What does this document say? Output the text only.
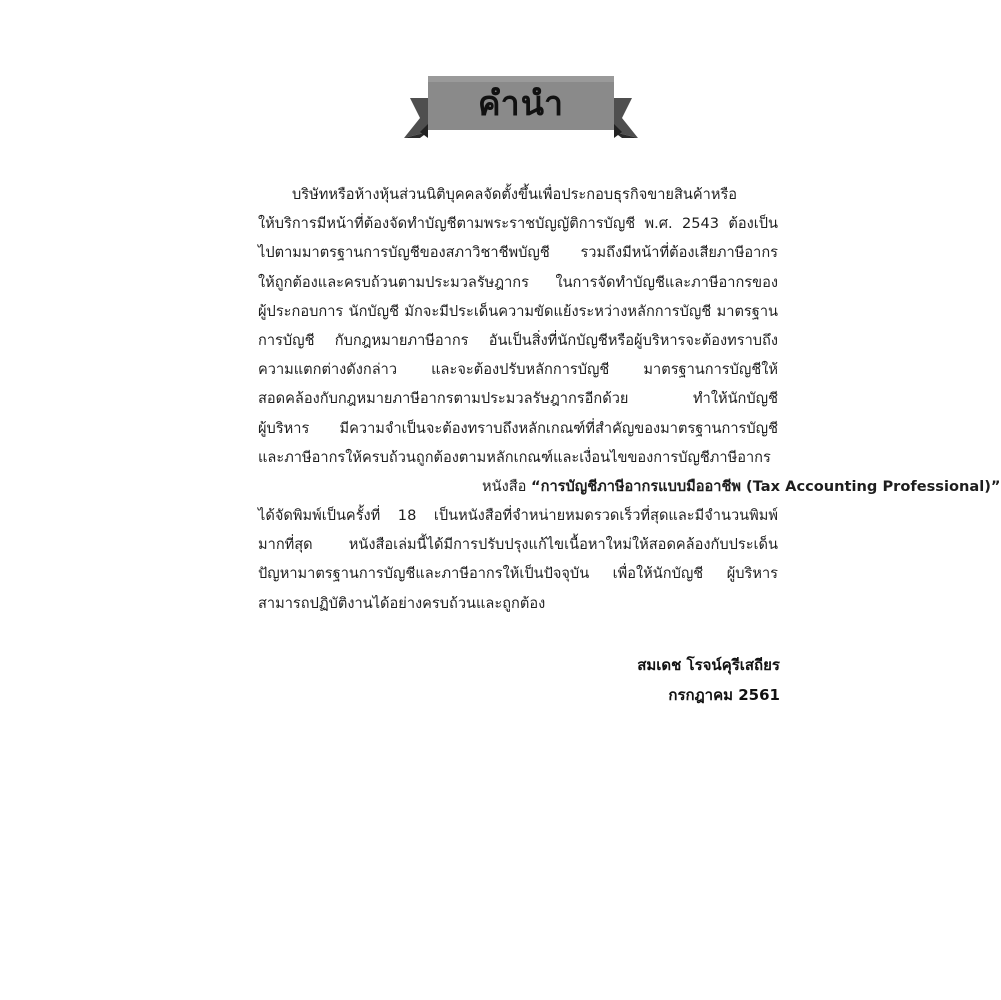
คำนำ
บริษัทหรือห้างหุ้นส่วนนิติบุคคลจัดตั้งขึ้นเพื่อประกอบธุรกิจขายสินค้าหรือ
ให้บริการมีหน้าที่ต้องจัดทำบัญชีตามพระราชบัญญัติการบัญชี พ.ศ. 2543 ต้องเป็น
ไปตามมาตรฐานการบัญชีของสภาวิชาชีพบัญชี รวมถึงมีหน้าที่ต้องเสียภาษีอากร
ให้ถูกต้องและครบถ้วนตามประมวลรัษฎากร ในการจัดทำบัญชีและภาษีอากรของ
ผู้ประกอบการ นักบัญชี มักจะมีประเด็นความขัดแย้งระหว่างหลักการบัญชี มาตรฐาน
การบัญชี กับกฎหมายภาษีอากร อันเป็นสิ่งที่นักบัญชีหรือผู้บริหารจะต้องทราบถึง
ความแตกต่างดังกล่าว และจะต้องปรับหลักการบัญชี มาตรฐานการบัญชีให้
สอดคล้องกับกฎหมายภาษีอากรตามประมวลรัษฎากรอีกด้วย ทำให้นักบัญชี
ผู้บริหาร มีความจำเป็นจะต้องทราบถึงหลักเกณฑ์ที่สำคัญของมาตรฐานการบัญชี
และภาษีอากรให้ครบถ้วนถูกต้องตามหลักเกณฑ์และเงื่อนไขของการบัญชีภาษีอากร
หนังสือ “การบัญชีภาษีอากรแบบมืออาชีพ (Tax Accounting Professional)”
ได้จัดพิมพ์เป็นครั้งที่ 18 เป็นหนังสือที่จำหน่ายหมดรวดเร็วที่สุดและมีจำนวนพิมพ์
มากที่สุด หนังสือเล่มนี้ได้มีการปรับปรุงแก้ไขเนื้อหาใหม่ให้สอดคล้องกับประเด็น
ปัญหามาตรฐานการบัญชีและภาษีอากรให้เป็นปัจจุบัน เพื่อให้นักบัญชี ผู้บริหาร
สามารถปฏิบัติงานได้อย่างครบถ้วนและถูกต้อง
สมเดช โรจน์คุรีเสถียร
กรกฎาคม 2561
